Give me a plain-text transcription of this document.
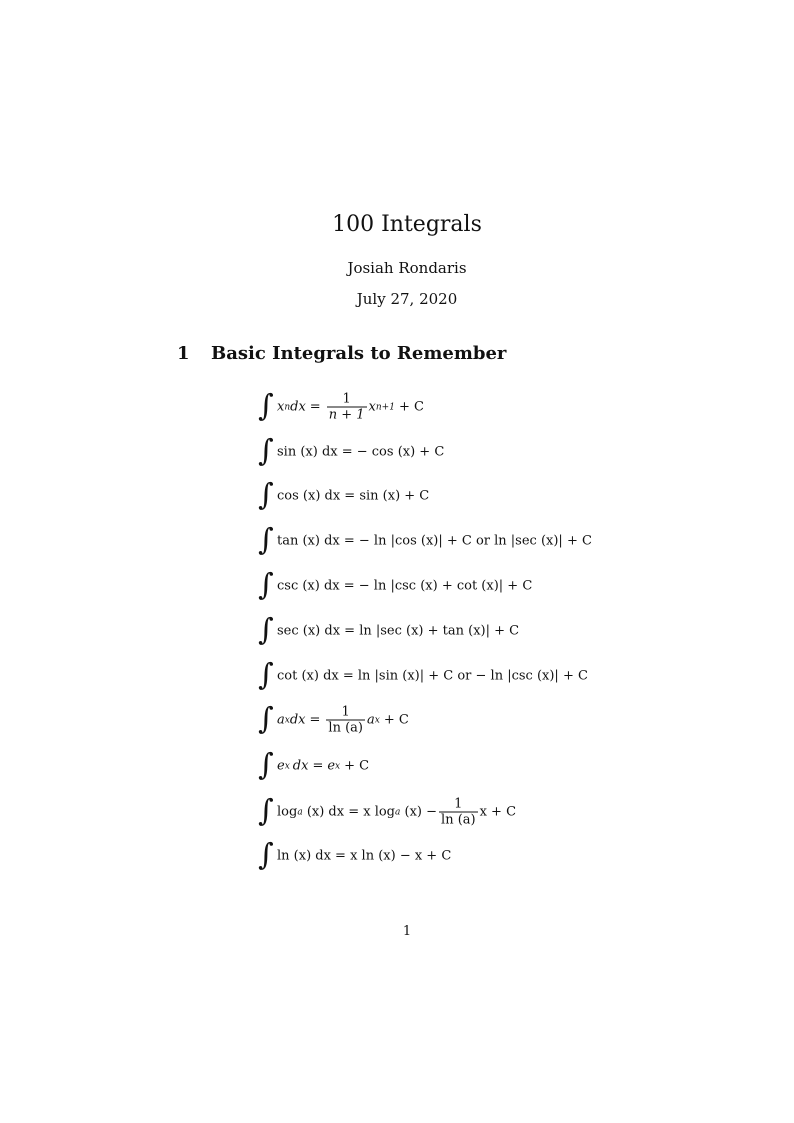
100 Integrals
Josiah Rondaris
July 27, 2020
1 Basic Integrals to Remember
∫ x n dx = $\frac{1}{n + 1}$ x n+1 + C
∫ sin (x) dx = − cos (x) + C
∫ cos (x) dx = sin (x) + C
∫ tan (x) dx = − ln |cos (x)| + C or ln |sec (x)| + C
∫ csc (x) dx = − ln |csc (x) + cot (x)| + C
∫ sec (x) dx = ln |sec (x) + tan (x)| + C
∫ cot (x) dx = ln |sin (x)| + C or − ln |csc (x)| + C
∫ a x dx = $\frac{1}{\ln (a)}$ a x + C
∫ e x dx = e x + C
∫ log a (x) dx = x log a $(x) - \frac{1}{\ln (a)}$ x + C
∫ ln (x) dx = x ln (x) − x + C
1
